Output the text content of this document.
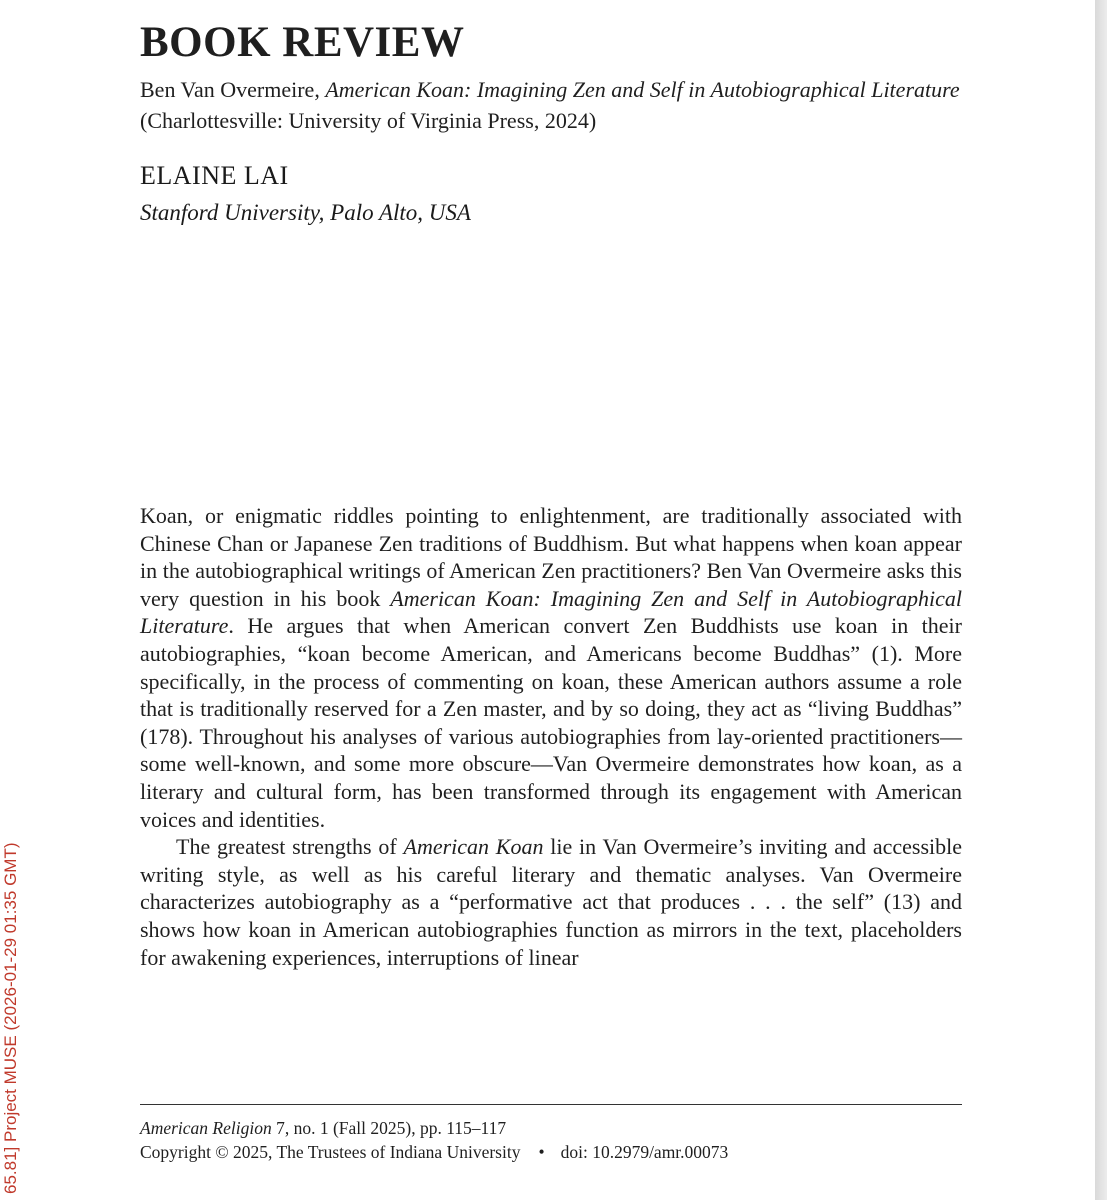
BOOK REVIEW

Ben Van Overmeire, American Koan: Imagining Zen and Self in Autobiographical Literature (Charlottesville: University of Virginia Press, 2024)

ELAINE LAI

Stanford University, Palo Alto, USA

Koan, or enigmatic riddles pointing to enlightenment, are traditionally associated with Chinese Chan or Japanese Zen traditions of Buddhism. But what happens when koan appear in the autobiographical writings of American Zen practitioners? Ben Van Overmeire asks this very question in his book American Koan: Imagining Zen and Self in Autobiographical Literature. He argues that when American convert Zen Buddhists use koan in their autobiographies, “koan become American, and Americans become Buddhas” (1). More specifically, in the process of commenting on koan, these American authors assume a role that is traditionally reserved for a Zen master, and by so doing, they act as “living Buddhas” (178). Throughout his analyses of various autobiographies from lay-oriented practitioners—some well-known, and some more obscure—Van Overmeire demonstrates how koan, as a literary and cultural form, has been transformed through its engagement with American voices and identities.

The greatest strengths of American Koan lie in Van Overmeire’s inviting and accessible writing style, as well as his careful literary and thematic analyses. Van Overmeire characterizes autobiography as a “performative act that produces . . . the self” (13) and shows how koan in American autobiographies function as mirrors in the text, placeholders for awakening experiences, interruptions of linear

American Religion 7, no. 1 (Fall 2025), pp. 115–117
Copyright © 2025, The Trustees of Indiana University • doi: 10.2979/amr.00073
65.81] Project MUSE (2026-01-29 01:35 GMT)
